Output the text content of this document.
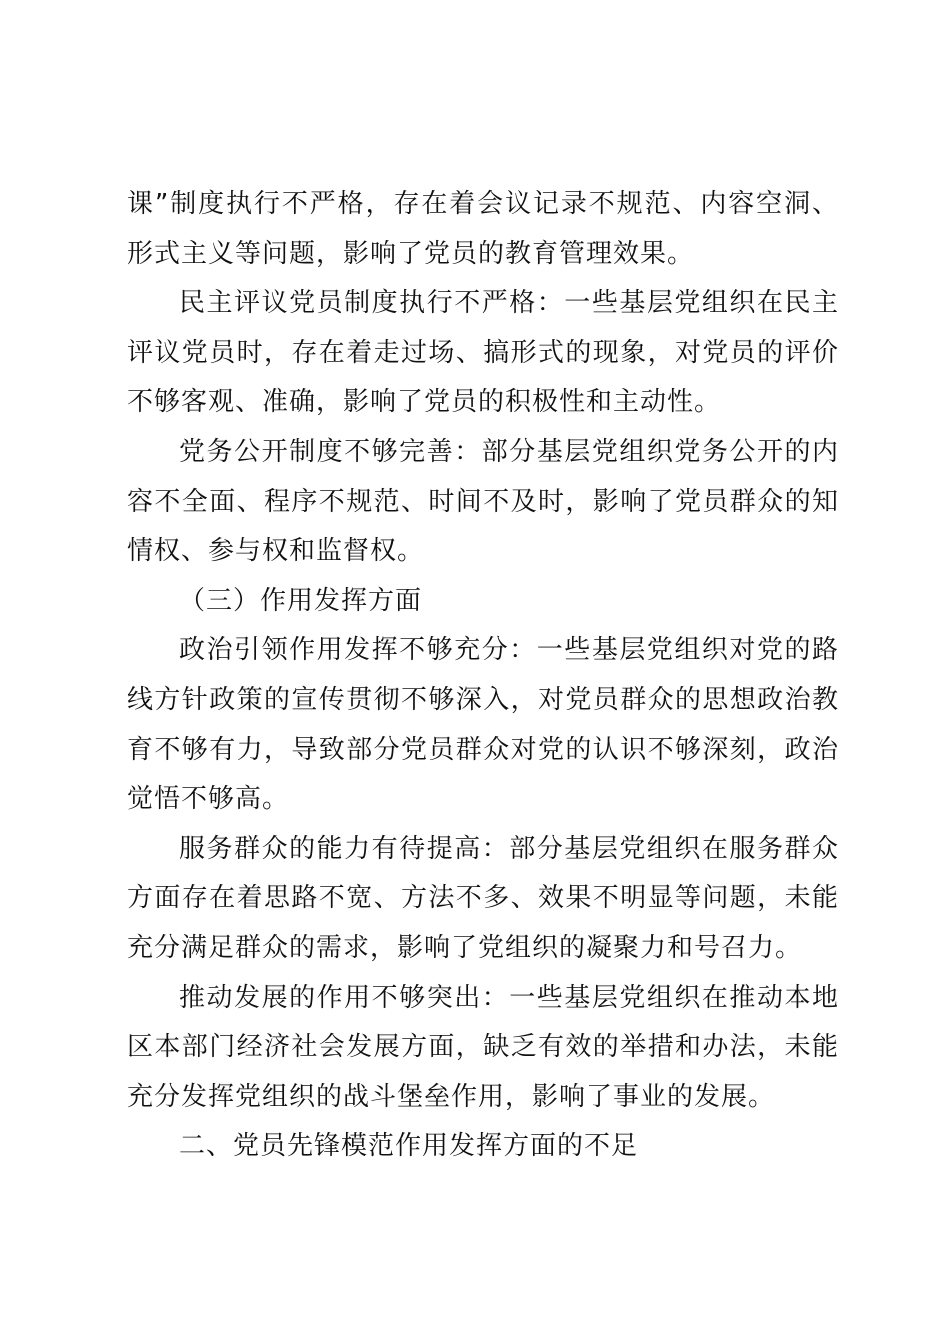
课”制度执行不严格，存在着会议记录不规范、内容空洞、形式主义等问题，影响了党员的教育管理效果。

民主评议党员制度执行不严格：一些基层党组织在民主评议党员时，存在着走过场、搞形式的现象，对党员的评价不够客观、准确，影响了党员的积极性和主动性。

党务公开制度不够完善：部分基层党组织党务公开的内容不全面、程序不规范、时间不及时，影响了党员群众的知情权、参与权和监督权。

（三）作用发挥方面

政治引领作用发挥不够充分：一些基层党组织对党的路线方针政策的宣传贯彻不够深入，对党员群众的思想政治教育不够有力，导致部分党员群众对党的认识不够深刻，政治觉悟不够高。

服务群众的能力有待提高：部分基层党组织在服务群众方面存在着思路不宽、方法不多、效果不明显等问题，未能充分满足群众的需求，影响了党组织的凝聚力和号召力。

推动发展的作用不够突出：一些基层党组织在推动本地区本部门经济社会发展方面，缺乏有效的举措和办法，未能充分发挥党组织的战斗堡垒作用，影响了事业的发展。

二、党员先锋模范作用发挥方面的不足
